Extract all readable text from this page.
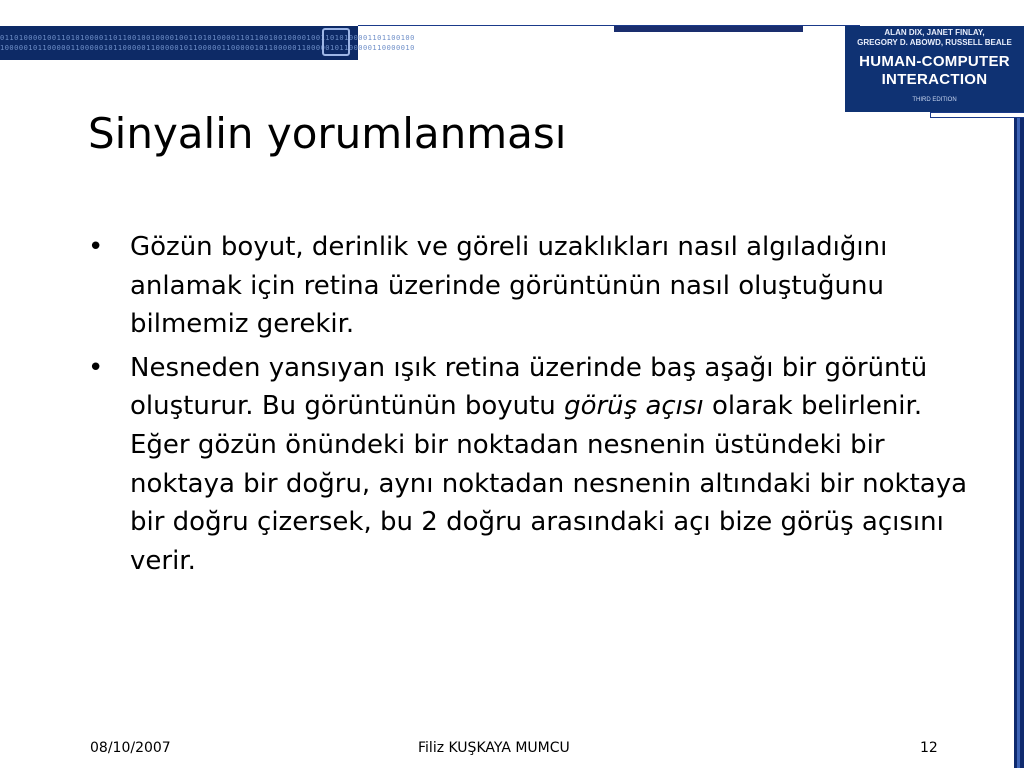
0110100001001101010000110110010010000100110101000011011001001000010011010100001101100100
1000001011000001100000101100000110000010110000011000001011000001100000101100000110000010
ALAN DIX, JANET FINLAY,
GREGORY D. ABOWD, RUSSELL BEALE
HUMAN-COMPUTER
INTERACTION
THIRD EDITION
Sinyalin yorumlanması
• Gözün boyut, derinlik ve göreli uzaklıkları nasıl algıladığını anlamak için retina üzerinde görüntünün nasıl oluştuğunu bilmemiz gerekir.
• Nesneden yansıyan ışık retina üzerinde baş aşağı bir görüntü oluşturur. Bu görüntünün boyutu görüş açısı olarak belirlenir. Eğer gözün önündeki bir noktadan nesnenin üstündeki bir noktaya bir doğru, aynı noktadan nesnenin altındaki bir noktaya bir doğru çizersek, bu 2 doğru arasındaki açı bize görüş açısını verir.
08/10/2007	Filiz KUŞKAYA MUMCU	12
